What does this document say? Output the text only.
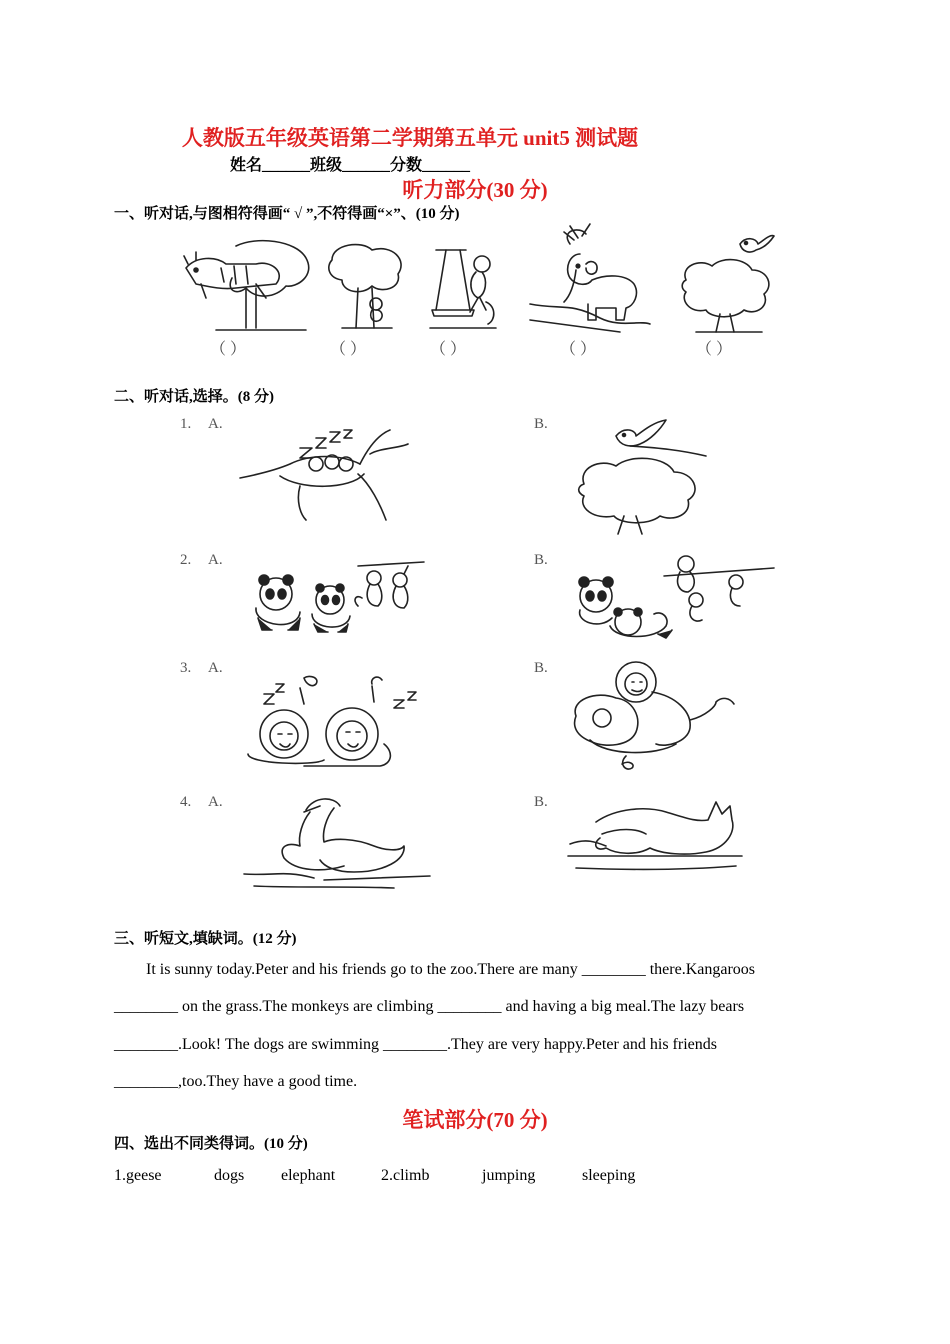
人教版五年级英语第二学期第五单元 unit5 测试题
姓名______班级______分数______
听力部分(30 分)
一、听对话,与图相符得画“ √ ”,不符得画“×”、(10 分)
（ ）	（ ）	（ ）	（ ）	（ ）
二、听对话,选择。(8 分)
1. A.	B.
2. A.	B.
3. A.	B.
4. A.	B.
三、听短文,填缺词。(12 分)
It is sunny today.Peter and his friends go to the zoo.There are many ________ there.Kangaroos
________ on the grass.The monkeys are climbing ________ and having a big meal.The lazy bears
________.Look! The dogs are swimming ________.They are very happy.Peter and his friends
________,too.They have a good time.
笔试部分(70 分)
四、选出不同类得词。(10 分)
1.geese	dogs elephant	2.climb	jumping	sleeping
